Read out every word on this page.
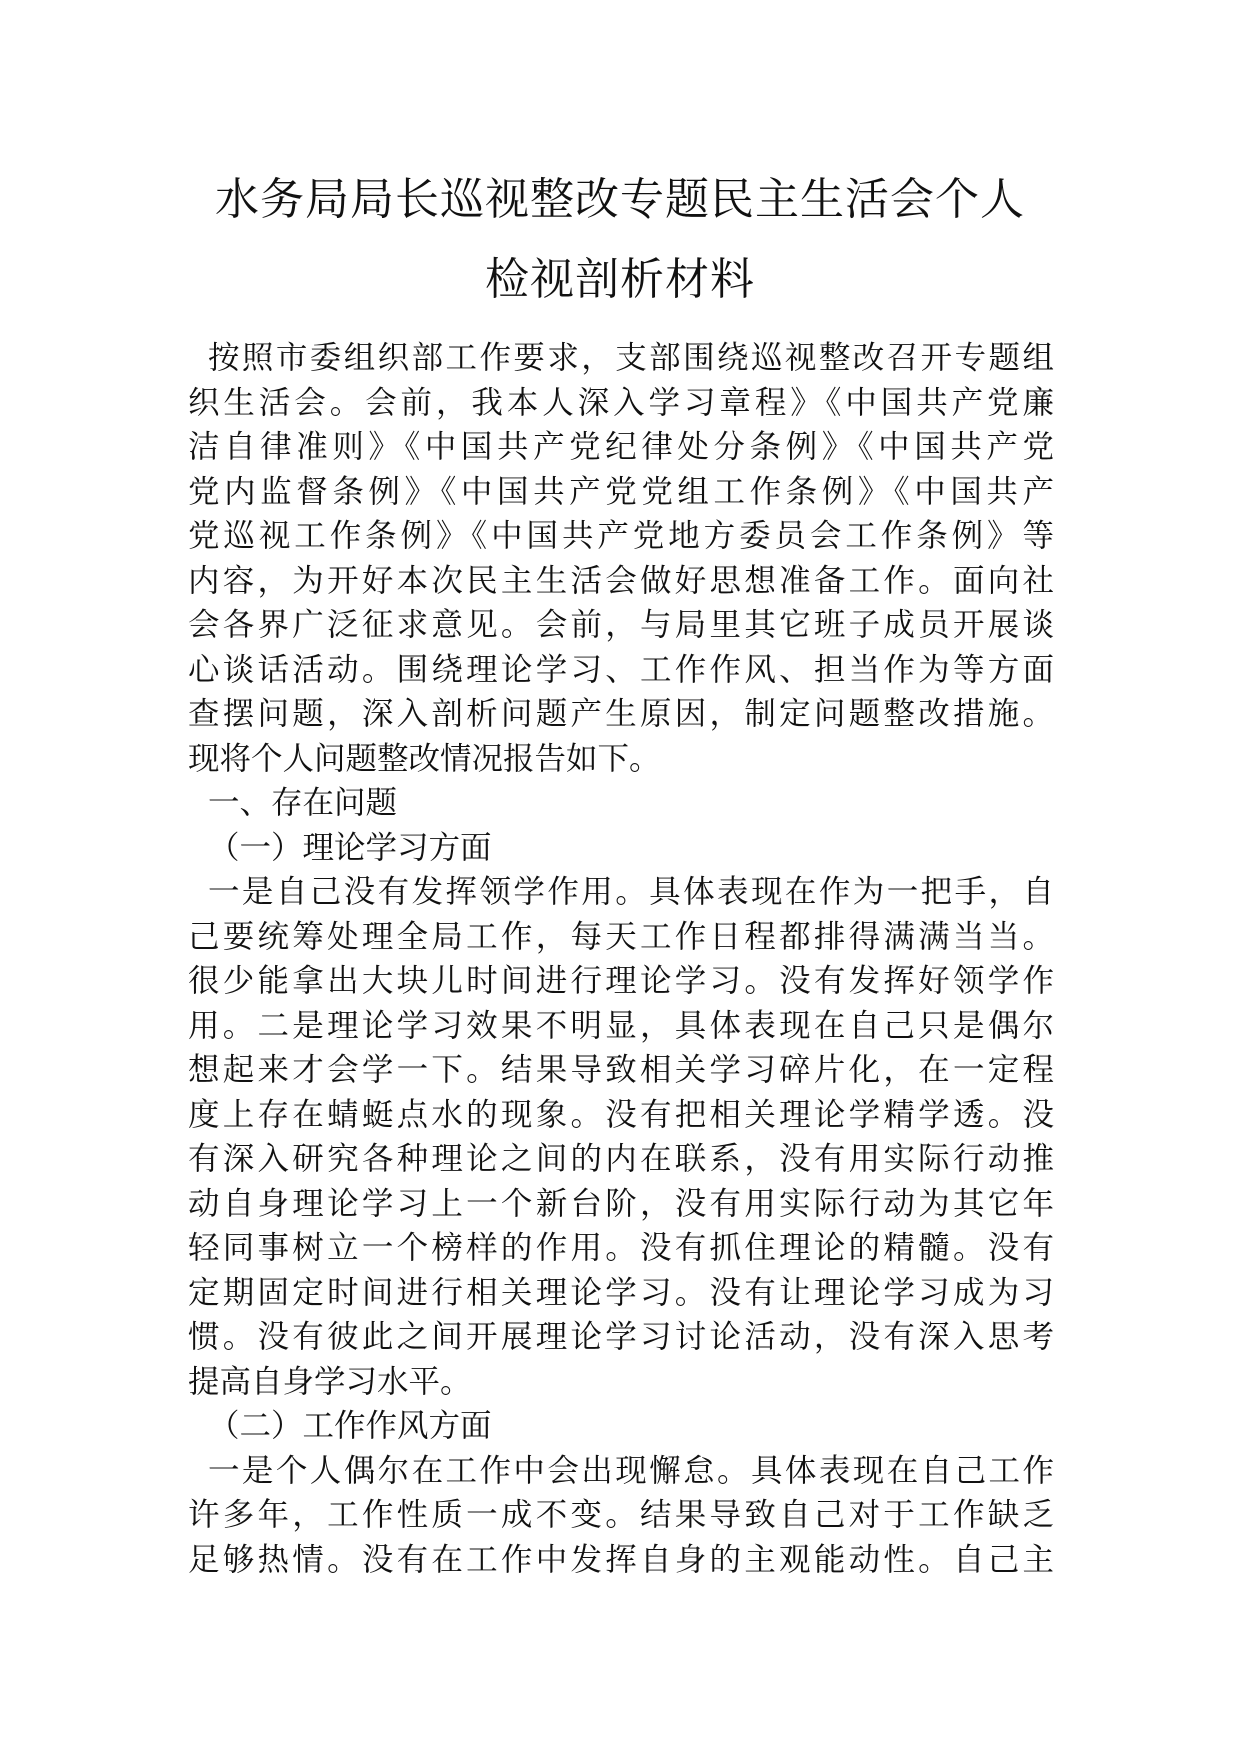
水务局局长巡视整改专题民主生活会个人
检视剖析材料
按照市委组织部工作要求，支部围绕巡视整改召开专题组
织生活会。会前，我本人深入学习章程》《中国共产党廉
洁自律准则》《中国共产党纪律处分条例》《中国共产党
党内监督条例》《中国共产党党组工作条例》《中国共产
党巡视工作条例》《中国共产党地方委员会工作条例》等
内容，为开好本次民主生活会做好思想准备工作。面向社
会各界广泛征求意见。会前，与局里其它班子成员开展谈
心谈话活动。围绕理论学习、工作作风、担当作为等方面
查摆问题，深入剖析问题产生原因，制定问题整改措施。
现将个人问题整改情况报告如下。
一、存在问题
（一）理论学习方面
一是自己没有发挥领学作用。具体表现在作为一把手，自
己要统筹处理全局工作，每天工作日程都排得满满当当。
很少能拿出大块儿时间进行理论学习。没有发挥好领学作
用。二是理论学习效果不明显，具体表现在自己只是偶尔
想起来才会学一下。结果导致相关学习碎片化，在一定程
度上存在蜻蜓点水的现象。没有把相关理论学精学透。没
有深入研究各种理论之间的内在联系，没有用实际行动推
动自身理论学习上一个新台阶，没有用实际行动为其它年
轻同事树立一个榜样的作用。没有抓住理论的精髓。没有
定期固定时间进行相关理论学习。没有让理论学习成为习
惯。没有彼此之间开展理论学习讨论活动，没有深入思考
提高自身学习水平。
（二）工作作风方面
一是个人偶尔在工作中会出现懈怠。具体表现在自己工作
许多年，工作性质一成不变。结果导致自己对于工作缺乏
足够热情。没有在工作中发挥自身的主观能动性。自己主
